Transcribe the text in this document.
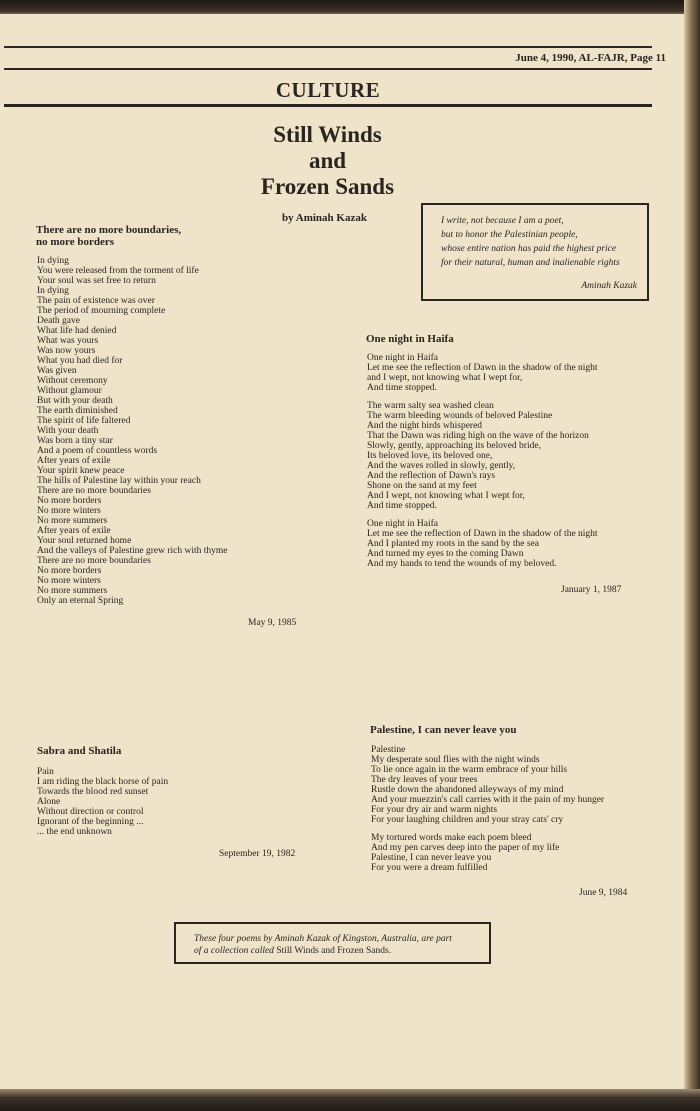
June 4, 1990, AL-FAJR, Page 11
CULTURE
Still Winds
and
Frozen Sands
by Aminah Kazak	I write, not because I am a poet,
but to honor the Palestinian people,
whose entire nation has paid the highest price
for their natural, human and inalienable rights
Aminah Kazak
There are no more boundaries,
no more borders
In dying
You were released from the torment of life
Your soul was set free to return
In dying
The pain of existence was over
The period of mourning complete
Death gave
What life had denied
What was yours
Was now yours
What you had died for
Was given
Without ceremony
Without glamour
But with your death
The earth diminished
The spirit of life faltered
With your death
Was born a tiny star
And a poem of countless words
After years of exile
Your spirit knew peace
The hills of Palestine lay within your reach
There are no more boundaries
No more borders
No more winters
No more summers
After years of exile
Your soul returned home
And the valleys of Palestine grew rich with thyme
There are no more boundaries
No more borders
No more winters
No more summers
Only an eternal Spring
May 9, 1985
One night in Haifa
One night in Haifa
Let me see the reflection of Dawn in the shadow of the night
and I wept, not knowing what I wept for,
And time stopped.
The warm salty sea washed clean
The warm bleeding wounds of beloved Palestine
And the night birds whispered
That the Dawn was riding high on the wave of the horizon
Slowly, gently, approaching its beloved bride,
Its beloved love, its beloved one,
And the waves rolled in slowly, gently,
And the reflection of Dawn's rays
Shone on the sand at my feet
And I wept, not knowing what I wept for,
And time stopped.
One night in Haifa
Let me see the reflection of Dawn in the shadow of the night
And I planted my roots in the sand by the sea
And turned my eyes to the coming Dawn
And my hands to tend the wounds of my beloved.
January 1, 1987
Sabra and Shatila
Pain
I am riding the black horse of pain
Towards the blood red sunset
Alone
Without direction or control
Ignorant of the beginning ...
... the end unknown
September 19, 1982
Palestine, I can never leave you
Palestine
My desperate soul flies with the night winds
To lie once again in the warm embrace of your hills
The dry leaves of your trees
Rustle down the abandoned alleyways of my mind
And your muezzin's call carries with it the pain of my hunger
For your dry air and warm nights
For your laughing children and your stray cats' cry
My tortured words make each poem bleed
And my pen carves deep into the paper of my life
Palestine, I can never leave you
For you were a dream fulfilled
June 9, 1984
These four poems by Aminah Kazak of Kingston, Australia, are part
of a collection called Still Winds and Frozen Sands.
